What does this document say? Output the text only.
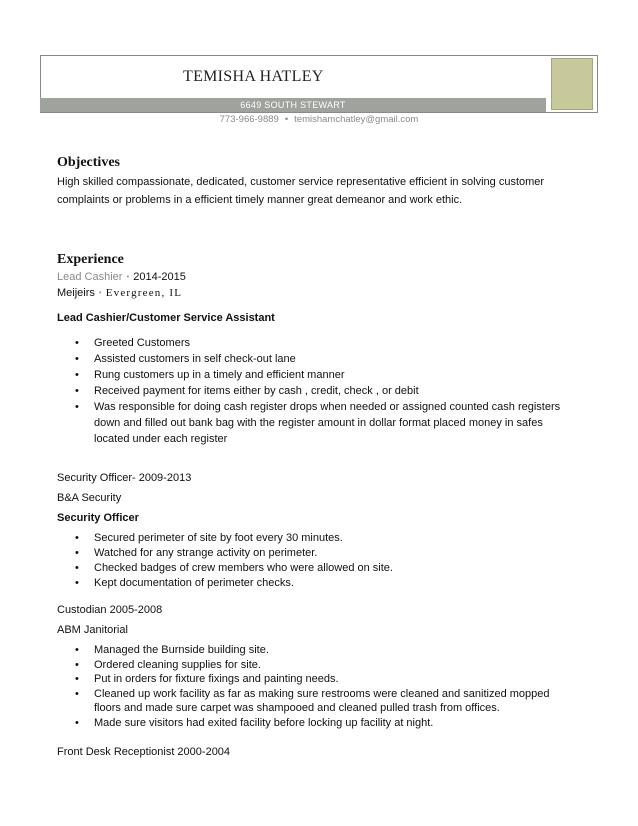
TEMISHA HATLEY
6649 SOUTH STEWART
773-966-9889 • temishamchatley@gmail.com
Objectives
High skilled compassionate, dedicated, customer service representative efficient in solving customer
complaints or problems in a efficient timely manner great demeanor and work ethic.
Experience
Lead Cashier • 2014-2015
Meijeirs • Evergreen, IL
Lead Cashier/Customer Service Assistant
• Greeted Customers
• Assisted customers in self check-out lane
• Rung customers up in a timely and efficient manner
• Received payment for items either by cash , credit, check , or debit
• Was responsible for doing cash register drops when needed or assigned counted cash registers down and filled out bank bag with the register amount in dollar format placed money in safes located under each register
Security Officer- 2009-2013
B&A Security
Security Officer
• Secured perimeter of site by foot every 30 minutes.
• Watched for any strange activity on perimeter.
• Checked badges of crew members who were allowed on site.
• Kept documentation of perimeter checks.
Custodian 2005-2008
ABM Janitorial
• Managed the Burnside building site.
• Ordered cleaning supplies for site.
• Put in orders for fixture fixings and painting needs.
• Cleaned up work facility as far as making sure restrooms were cleaned and sanitized mopped floors and made sure carpet was shampooed and cleaned pulled trash from offices.
• Made sure visitors had exited facility before locking up facility at night.
Front Desk Receptionist 2000-2004
